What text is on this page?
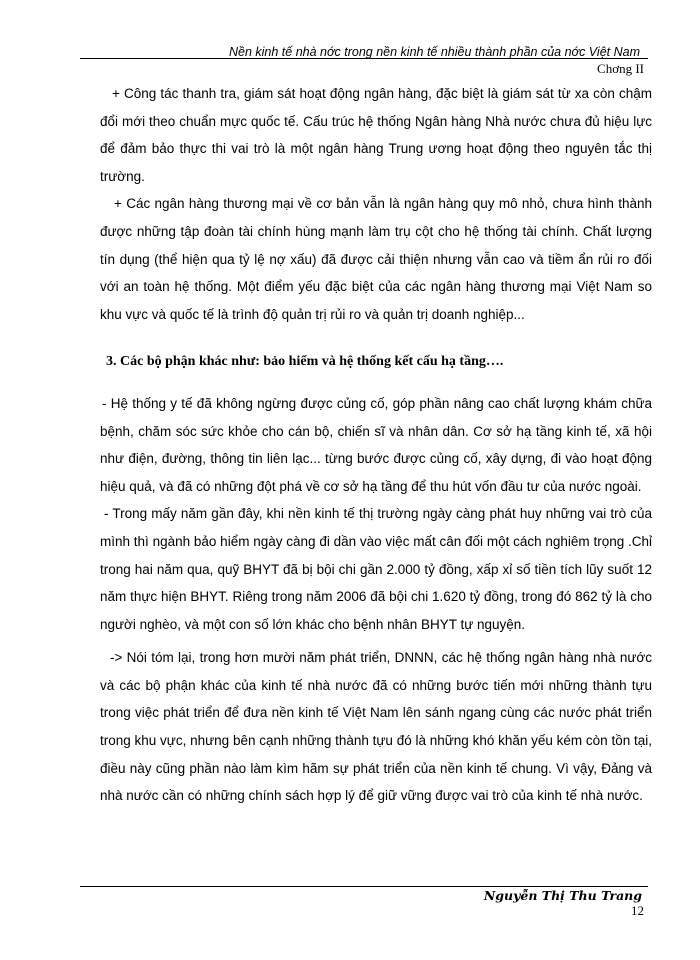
Nền kinh tế nhà nớc trong nền kinh tế nhiều thành phần của nớc Việt Nam
Chơng II

+ Công tác thanh tra, giám sát hoạt động ngân hàng, đặc biệt là giám sát từ xa còn chậm đổi mới theo chuẩn mực quốc tế. Cấu trúc hệ thống Ngân hàng Nhà nước chưa đủ hiệu lực để đảm bảo thực thi vai trò là một ngân hàng Trung ương hoạt động theo nguyên tắc thị trường.

+ Các ngân hàng thương mại về cơ bản vẫn là ngân hàng quy mô nhỏ, chưa hình thành được những tập đoàn tài chính hùng mạnh làm trụ cột cho hệ thống tài chính. Chất lượng tín dụng (thể hiện qua tỷ lệ nợ xấu) đã được cải thiện nhưng vẫn cao và tiềm ẩn rủi ro đối với an toàn hệ thống. Một điểm yếu đặc biệt của các ngân hàng thương mại Việt Nam so khu vực và quốc tế là trình độ quản trị rủi ro và quản trị doanh nghiệp...

3. Các bộ phận khác như: bảo hiểm và hệ thống kết cấu hạ tầng….

- Hệ thống y tế đã không ngừng được củng cố, góp phần nâng cao chất lượng khám chữa bệnh, chăm sóc sức khỏe cho cán bộ, chiến sĩ và nhân dân. Cơ sở hạ tầng kinh tế, xã hội như điện, đường, thông tin liên lạc... từng bước được củng cố, xây dựng, đi vào hoạt động hiệu quả, và đã có những đột phá về cơ sở hạ tầng để thu hút vốn đầu tư của nước ngoài.

- Trong mấy năm gần đây, khi nền kinh tế thị trường ngày càng phát huy những vai trò của mình thì ngành bảo hiểm ngày càng đi dần vào việc mất cân đối một cách nghiêm trọng .Chỉ trong hai năm qua, quỹ BHYT đã bị bội chi gần 2.000 tỷ đồng, xấp xỉ số tiền tích lũy suốt 12 năm thực hiện BHYT. Riêng trong năm 2006 đã bội chi 1.620 tỷ đồng, trong đó 862 tỷ là cho người nghèo, và một con số lớn khác cho bệnh nhân BHYT tự nguyện.

-> Nói tóm lại, trong hơn mười năm phát triển, DNNN, các hệ thống ngân hàng nhà nước và các bộ phận khác của kinh tế nhà nước đã có những bước tiến mới những thành tựu trong việc phát triển để đưa nền kinh tế Việt Nam lên sánh ngang cùng các nước phát triển trong khu vực, nhưng bên cạnh những thành tựu đó là những khó khăn yếu kém còn tồn tại, điều này cũng phần nào làm kìm hãm sự phát triển của nền kinh tế chung. Vì vậy, Đảng và nhà nước cần có những chính sách hợp lý để giữ vững được vai trò của kinh tế nhà nước.

Nguyễn Thị Thu Trang
12
